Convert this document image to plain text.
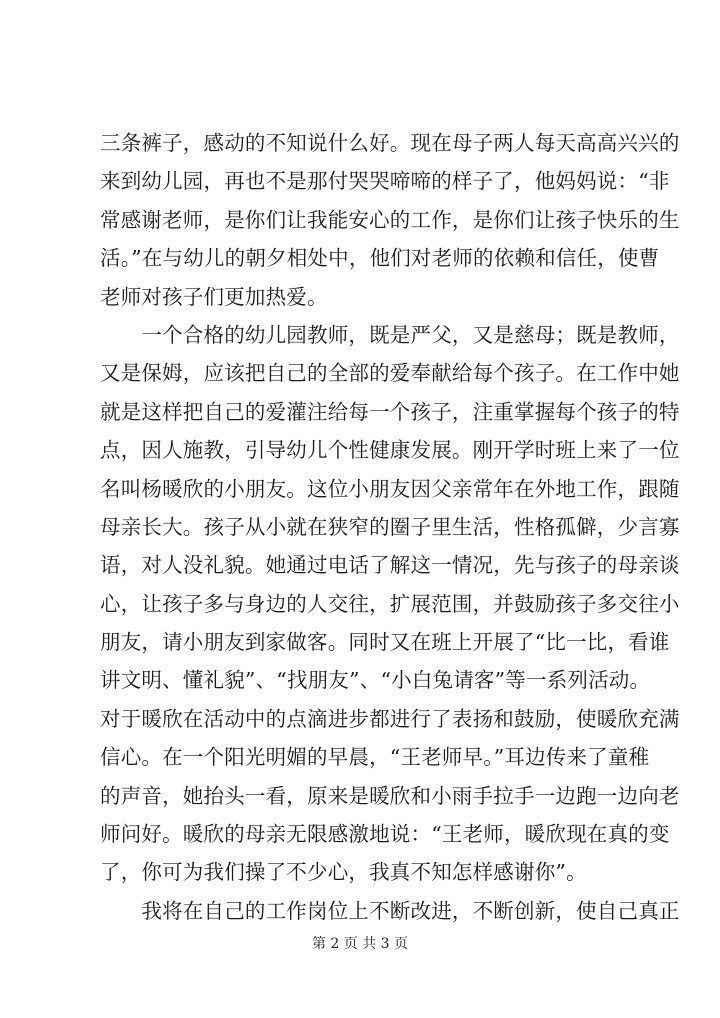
三条裤子，感动的不知说什么好。现在母子两人每天高高兴兴的
来到幼儿园，再也不是那付哭哭啼啼的样子了，他妈妈说：“非
常感谢老师，是你们让我能安心的工作，是你们让孩子快乐的生
活。”在与幼儿的朝夕相处中，他们对老师的依赖和信任，使曹
老师对孩子们更加热爱。
　　一个合格的幼儿园教师，既是严父，又是慈母；既是教师，
又是保姆，应该把自己的全部的爱奉献给每个孩子。在工作中她
就是这样把自己的爱灌注给每一个孩子，注重掌握每个孩子的特
点，因人施教，引导幼儿个性健康发展。刚开学时班上来了一位
名叫杨暖欣的小朋友。这位小朋友因父亲常年在外地工作，跟随
母亲长大。孩子从小就在狭窄的圈子里生活，性格孤僻，少言寡
语，对人没礼貌。她通过电话了解这一情况，先与孩子的母亲谈
心，让孩子多与身边的人交往，扩展范围，并鼓励孩子多交往小
朋友，请小朋友到家做客。同时又在班上开展了“比一比，看谁
讲文明、懂礼貌”、“找朋友”、“小白兔请客”等一系列活动。
对于暖欣在活动中的点滴进步都进行了表扬和鼓励，使暖欣充满
信心。在一个阳光明媚的早晨，“王老师早。”耳边传来了童稚
的声音，她抬头一看，原来是暖欣和小雨手拉手一边跑一边向老
师问好。暖欣的母亲无限感激地说：“王老师，暖欣现在真的变
了，你可为我们操了不少心，我真不知怎样感谢你”。
　　我将在自己的工作岗位上不断改进，不断创新，使自己真正
第 2 页 共 3 页
